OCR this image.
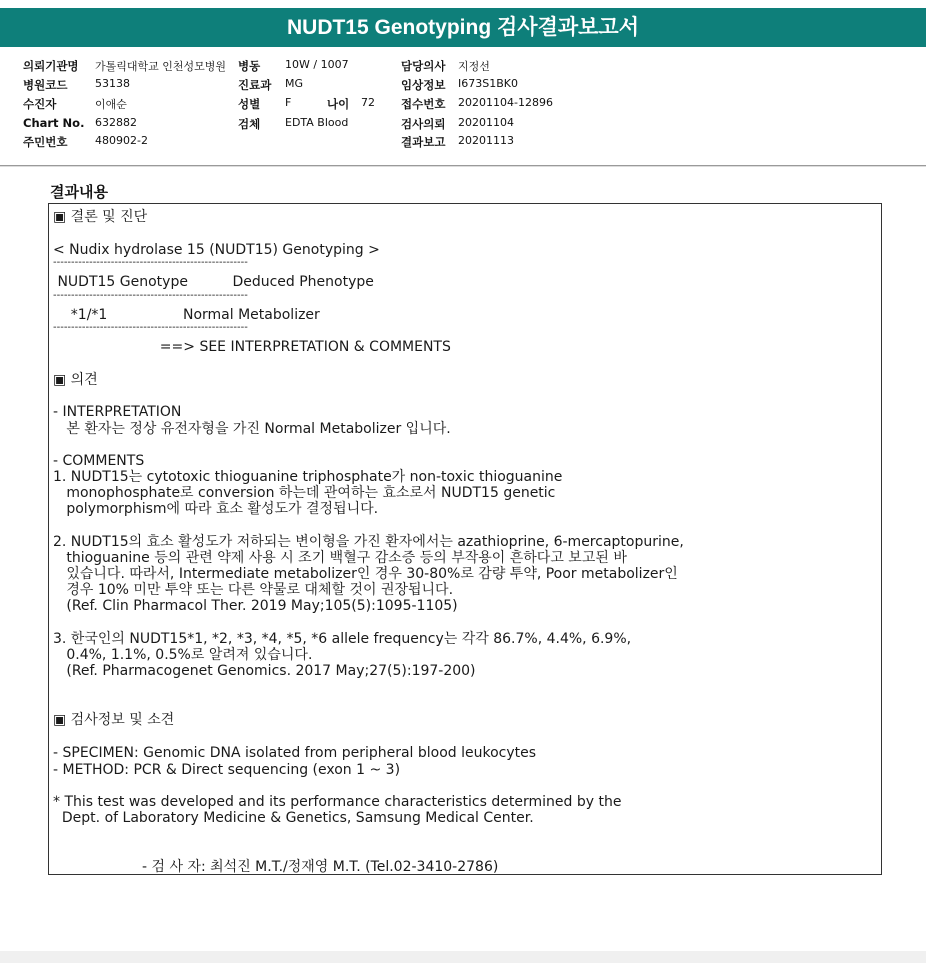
NUDT15 Genotyping 검사결과보고서
의뢰기관명 가톨릭대학교 인천성모병원
병원코드	53138
수진자	이애순
Chart No. 632882
주민번호	480902-2
병동 10W / 1007
진료과 MG
성별 F	나이 72
검체 EDTA Blood
담당의사 지정선
임상정보 I673S1BK0
접수번호 20201104-12896
검사의뢰 20201104
결과보고 20201113
결과내용
▣ 결론 및 진단
< Nudix hydrolase 15 (NUDT15) Genotyping >
------------------------------------------------------
NUDT15 Genotype          Deduced Phenotype
------------------------------------------------------
*1/*1                 Normal Metabolizer
------------------------------------------------------
==> SEE INTERPRETATION & COMMENTS
▣ 의견
- INTERPRETATION
본 환자는 정상 유전자형을 가진 Normal Metabolizer 입니다.
- COMMENTS
1. NUDT15는 cytotoxic thioguanine triphosphate가 non-toxic thioguanine
monophosphate로 conversion 하는데 관여하는 효소로서 NUDT15 genetic
polymorphism에 따라 효소 활성도가 결정됩니다.
2. NUDT15의 효소 활성도가 저하되는 변이형을 가진 환자에서는 azathioprine, 6-mercaptopurine,
thioguanine 등의 관련 약제 사용 시 조기 백혈구 감소증 등의 부작용이 흔하다고 보고된 바
있습니다. 따라서, Intermediate metabolizer인 경우 30-80%로 감량 투약, Poor metabolizer인
경우 10% 미만 투약 또는 다른 약물로 대체할 것이 권장됩니다.
(Ref. Clin Pharmacol Ther. 2019 May;105(5):1095-1105)
3. 한국인의 NUDT15*1, *2, *3, *4, *5, *6 allele frequency는 각각 86.7%, 4.4%, 6.9%,
0.4%, 1.1%, 0.5%로 알려져 있습니다.
(Ref. Pharmacogenet Genomics. 2017 May;27(5):197-200)
▣ 검사정보 및 소견
- SPECIMEN: Genomic DNA isolated from peripheral blood leukocytes
- METHOD: PCR & Direct sequencing (exon 1 ~ 3)
* This test was developed and its performance characteristics determined by the
Dept. of Laboratory Medicine & Genetics, Samsung Medical Center.
- 검 사 자: 최석진 M.T./정재영 M.T. (Tel.02-3410-2786)
